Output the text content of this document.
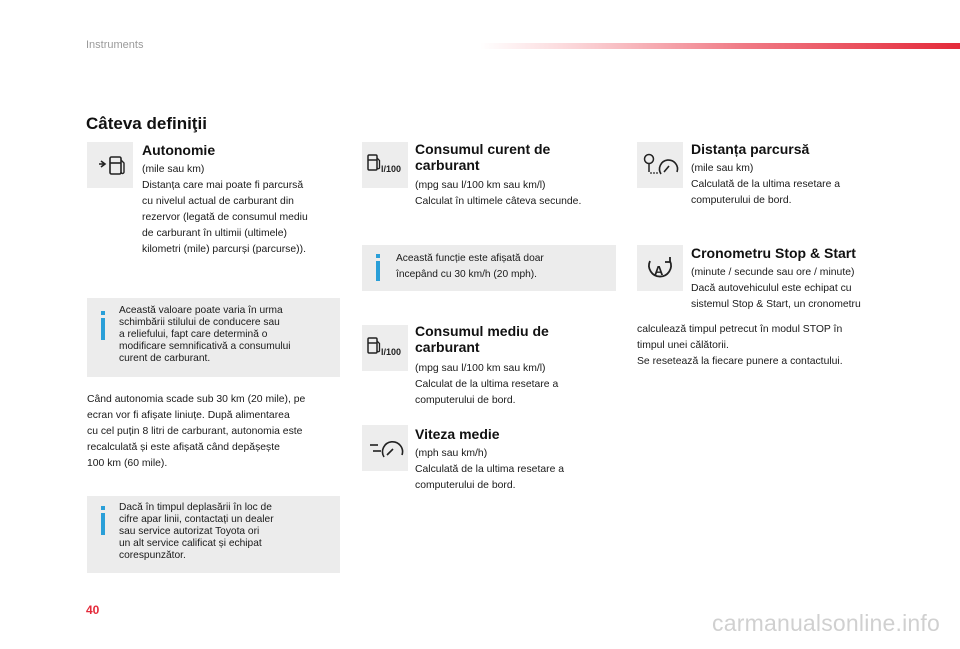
Instruments
Câteva definiţii
Autonomie
(mile sau km)
Distanța care mai poate fi parcursă
cu nivelul actual de carburant din
rezervor (legată de consumul mediu
de carburant în ultimii (ultimele)
kilometri (mile) parcurși (parcurse)).
Această valoare poate varia în urma
schimbării stilului de conducere sau
a reliefului, fapt care determină o
modificare semnificativă a consumului
curent de carburant.
Când autonomia scade sub 30 km (20 mile), pe
ecran vor fi afișate liniuțe. După alimentarea
cu cel puțin 8 litri de carburant, autonomia este
recalculată și este afișată când depășește
100 km (60 mile).
Dacă în timpul deplasării în loc de
cifre apar linii, contactați un dealer
sau service autorizat Toyota ori
un alt service calificat și echipat
corespunzător.
l/100
Consumul curent de
carburant
(mpg sau l/100 km sau km/l)
Calculat în ultimele câteva secunde.
Această funcție este afișată doar
începând cu 30 km/h (20 mph).
l/100
Consumul mediu de
carburant
(mpg sau l/100 km sau km/l)
Calculat de la ultima resetare a
computerului de bord.
Viteza medie
(mph sau km/h)
Calculată de la ultima resetare a
computerului de bord.
Distanța parcursă
(mile sau km)
Calculată de la ultima resetare a
computerului de bord.
A
Cronometru Stop & Start
(minute / secunde sau ore / minute)
Dacă autovehiculul este echipat cu
sistemul Stop & Start, un cronometru
calculează timpul petrecut în modul STOP în
timpul unei călătorii.
Se resetează la fiecare punere a contactului.
40	carmanualsonline.info
